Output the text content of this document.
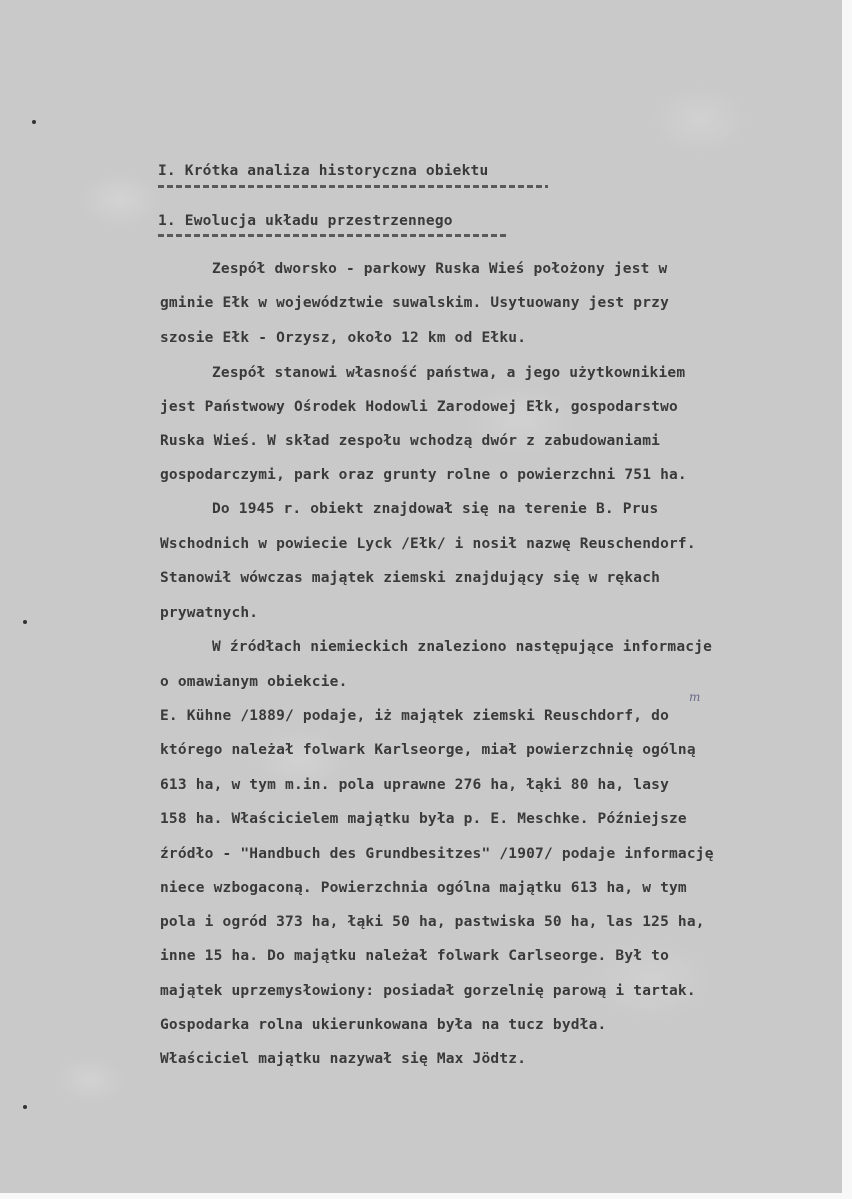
I. Krótka analiza historyczna obiektu
1. Ewolucja układu przestrzennego
Zespół dworsko - parkowy Ruska Wieś położony jest w
gminie Ełk w województwie suwalskim. Usytuowany jest przy
szosie Ełk - Orzysz, około 12 km od Ełku.
Zespół stanowi własność państwa, a jego użytkownikiem
jest Państwowy Ośrodek Hodowli Zarodowej Ełk, gospodarstwo
Ruska Wieś. W skład zespołu wchodzą dwór z zabudowaniami
gospodarczymi, park oraz grunty rolne o powierzchni 751 ha.
Do 1945 r. obiekt znajdował się na terenie B. Prus
Wschodnich w powiecie Lyck /Ełk/ i nosił nazwę Reuschendorf.
Stanowił wówczas majątek ziemski znajdujący się w rękach
prywatnych.
W źródłach niemieckich znaleziono następujące informacje
o omawianym obiekcie.
E. Kühne /1889/ podaje, iż majątek ziemski Reuschdorf, do
którego należał folwark Karlseorge, miał powierzchnię ogólną
613 ha, w tym m.in. pola uprawne 276 ha, łąki 80 ha, lasy
158 ha. Właścicielem majątku była p. E. Meschke. Późniejsze
źródło - "Handbuch des Grundbesitzes" /1907/ podaje informację
niece wzbogaconą. Powierzchnia ogólna majątku 613 ha, w tym
pola i ogród 373 ha, łąki 50 ha, pastwiska 50 ha, las 125 ha,
inne 15 ha. Do majątku należał folwark Carlseorge. Był to
majątek uprzemysłowiony: posiadał gorzelnię parową i tartak.
Gospodarka rolna ukierunkowana była na tucz bydła.
Właściciel majątku nazywał się Max Jödtz.
m
